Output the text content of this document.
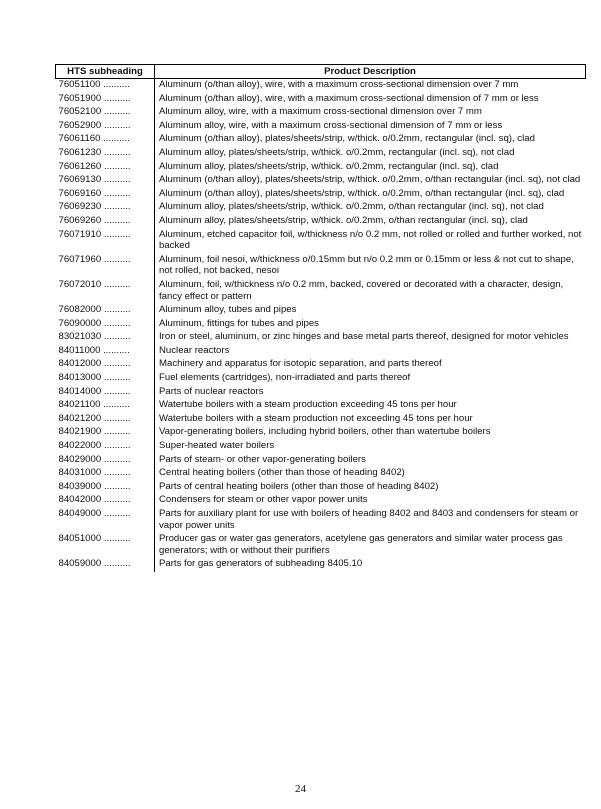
HTS subheading	Product Description
76051100 ..........	Aluminum (o/than alloy), wire, with a maximum cross-sectional dimension over 7 mm
76051900 ..........	Aluminum (o/than alloy), wire, with a maximum cross-sectional dimension of 7 mm or less
76052100 ..........	Aluminum alloy, wire, with a maximum cross-sectional dimension over 7 mm
76052900 ..........	Aluminum alloy, wire, with a maximum cross-sectional dimension of 7 mm or less
76061160 ..........	Aluminum (o/than alloy), plates/sheets/strip, w/thick. o/0.2mm, rectangular (incl. sq), clad
76061230 ..........	Aluminum alloy, plates/sheets/strip, w/thick. o/0.2mm, rectangular (incl. sq), not clad
76061260 ..........	Aluminum alloy, plates/sheets/strip, w/thick. o/0.2mm, rectangular (incl. sq), clad
76069130 ..........	Aluminum (o/than alloy), plates/sheets/strip, w/thick. o/0.2mm, o/than rectangular (incl. sq), not clad
76069160 ..........	Aluminum (o/than alloy), plates/sheets/strip, w/thick. o/0.2mm, o/than rectangular (incl. sq), clad
76069230 ..........	Aluminum alloy, plates/sheets/strip, w/thick. o/0.2mm, o/than rectangular (incl. sq), not clad
76069260 ..........	Aluminum alloy, plates/sheets/strip, w/thick. o/0.2mm, o/than rectangular (incl. sq), clad
76071910 ..........	Aluminum, etched capacitor foil, w/thickness n/o 0.2 mm, not rolled or rolled and further worked, not backed
76071960 ..........	Aluminum, foil nesoi, w/thickness o/0.15mm but n/o 0.2 mm or 0.15mm or less & not cut to shape, not rolled, not backed, nesoi
76072010 ..........	Aluminum, foil, w/thickness n/o 0.2 mm, backed, covered or decorated with a character, design, fancy effect or pattern
76082000 ..........	Aluminum alloy, tubes and pipes
76090000 ..........	Aluminum, fittings for tubes and pipes
83021030 ..........	Iron or steel, aluminum, or zinc hinges and base metal parts thereof, designed for motor vehicles
84011000 ..........	Nuclear reactors
84012000 ..........	Machinery and apparatus for isotopic separation, and parts thereof
84013000 ..........	Fuel elements (cartridges), non-irradiated and parts thereof
84014000 ..........	Parts of nuclear reactors
84021100 ..........	Watertube boilers with a steam production exceeding 45 tons per hour
84021200 ..........	Watertube boilers with a steam production not exceeding 45 tons per hour
84021900 ..........	Vapor-generating boilers, including hybrid boilers, other than watertube boilers
84022000 ..........	Super-heated water boilers
84029000 ..........	Parts of steam- or other vapor-generating boilers
84031000 ..........	Central heating boilers (other than those of heading 8402)
84039000 ..........	Parts of central heating boilers (other than those of heading 8402)
84042000 ..........	Condensers for steam or other vapor power units
84049000 ..........	Parts for auxiliary plant for use with boilers of heading 8402 and 8403 and condensers for steam or vapor power units
84051000 ..........	Producer gas or water gas generators, acetylene gas generators and similar water process gas generators; with or without their purifiers
84059000 ..........	Parts for gas generators of subheading 8405.10
24
